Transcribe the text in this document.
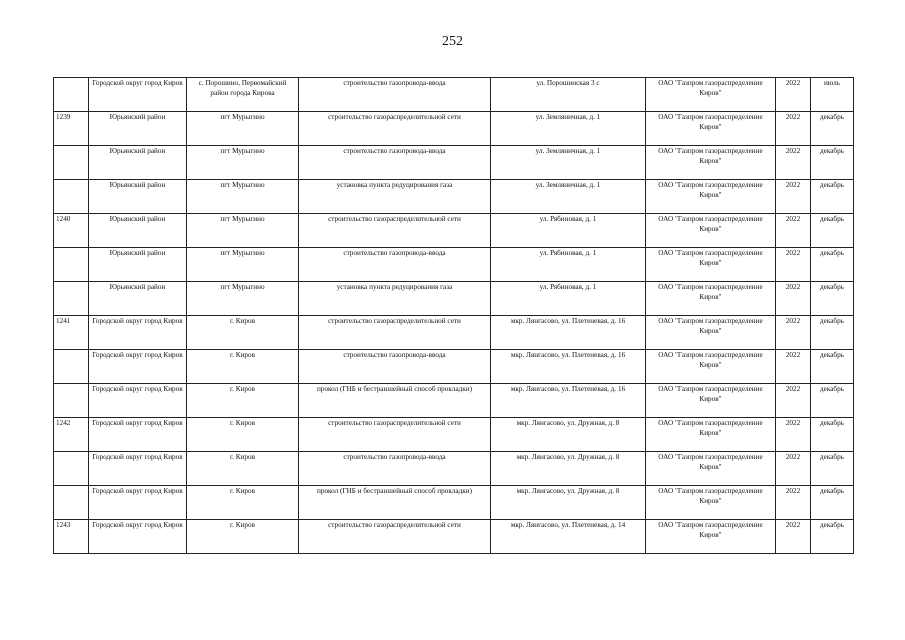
252
	Городской округ город Киров	с. Порошино, Первомайский район города Кирова	строительство газопровода-ввода	ул. Порошинская 3 с	ОАО "Газпром газораспределение Киров"	2022	июль
1239	Юрьянский район	пгт Мурыгино	строительство газораспределительной сети	ул. Земляничная, д. 1	ОАО "Газпром газораспределение Киров"	2022	декабрь
	Юрьянский район	пгт Мурыгино	строительство газопровода-ввода	ул. Земляничная, д. 1	ОАО "Газпром газораспределение Киров"	2022	декабрь
	Юрьянский район	пгт Мурыгино	установка пункта редуцирования газа	ул. Земляничная, д. 1	ОАО "Газпром газораспределение Киров"	2022	декабрь
1240	Юрьянский район	пгт Мурыгино	строительство газораспределительной сети	ул. Рябиновая, д. 1	ОАО "Газпром газораспределение Киров"	2022	декабрь
	Юрьянский район	пгт Мурыгино	строительство газопровода-ввода	ул. Рябиновая, д. 1	ОАО "Газпром газораспределение Киров"	2022	декабрь
	Юрьянский район	пгт Мурыгино	установка пункта редуцирования газа	ул. Рябиновая, д. 1	ОАО "Газпром газораспределение Киров"	2022	декабрь
1241	Городской округ город Киров	г. Киров	строительство газораспределительной сети	мкр. Лянгасово, ул. Плетеневая, д. 16	ОАО "Газпром газораспределение Киров"	2022	декабрь
	Городской округ город Киров	г. Киров	строительство газопровода-ввода	мкр. Лянгасово, ул. Плетеневая, д. 16	ОАО "Газпром газораспределение Киров"	2022	декабрь
	Городской округ город Киров	г. Киров	прокол (ГНБ и бестраншейный способ прокладки)	мкр. Лянгасово, ул. Плетеневая, д. 16	ОАО "Газпром газораспределение Киров"	2022	декабрь
1242	Городской округ город Киров	г. Киров	строительство газораспределительной сети	мкр. Лянгасово, ул. Дружная, д. 8	ОАО "Газпром газораспределение Киров"	2022	декабрь
	Городской округ город Киров	г. Киров	строительство газопровода-ввода	мкр. Лянгасово, ул. Дружная, д. 8	ОАО "Газпром газораспределение Киров"	2022	декабрь
	Городской округ город Киров	г. Киров	прокол (ГНБ и бестраншейный способ прокладки)	мкр. Лянгасово, ул. Дружная, д. 8	ОАО "Газпром газораспределение Киров"	2022	декабрь
1243	Городской округ город Киров	г. Киров	строительство газораспределительной сети	мкр. Лянгасово, ул. Плетеневая, д. 14	ОАО "Газпром газораспределение Киров"	2022	декабрь
